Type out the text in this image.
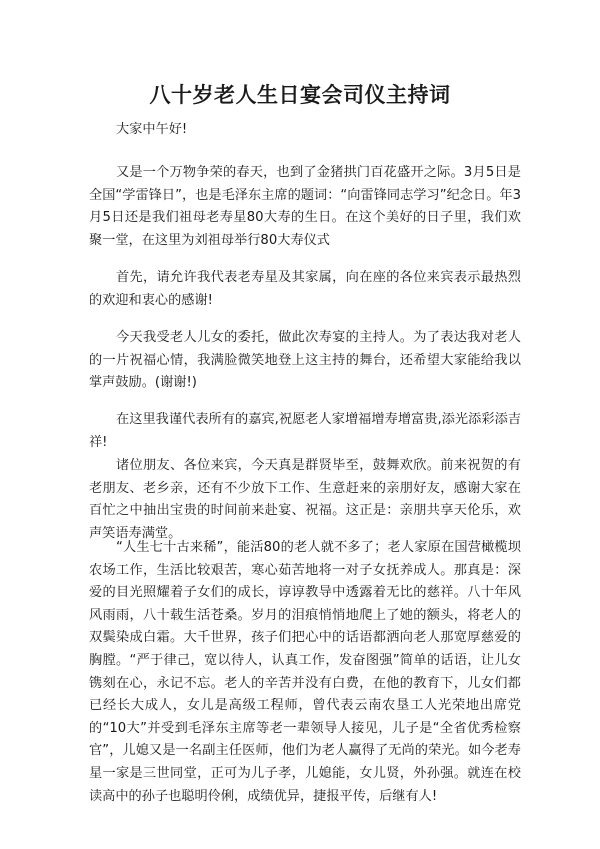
八十岁老人生日宴会司仪主持词

大家中午好!

又是一个万物争荣的春天，也到了金猪拱门百花盛开之际。3月5日是全国“学雷锋日”，也是毛泽东主席的题词：“向雷锋同志学习”纪念日。年3月5日还是我们祖母老寿星80大寿的生日。在这个美好的日子里，我们欢聚一堂，在这里为刘祖母举行80大寿仪式

首先，请允许我代表老寿星及其家属，向在座的各位来宾表示最热烈的欢迎和衷心的感谢!

今天我受老人儿女的委托，做此次寿宴的主持人。为了表达我对老人的一片祝福心情，我满脸微笑地登上这主持的舞台，还希望大家能给我以掌声鼓励。(谢谢!)

在这里我谨代表所有的嘉宾,祝愿老人家增福增寿增富贵,添光添彩添吉祥!

诸位朋友、各位来宾，今天真是群贤毕至，鼓舞欢欣。前来祝贺的有老朋友、老乡亲，还有不少放下工作、生意赶来的亲朋好友，感谢大家在百忙之中抽出宝贵的时间前来赴宴、祝福。这正是：亲朋共享天伦乐，欢声笑语寿满堂。

“人生七十古来稀”，能活80的老人就不多了；老人家原在国营橄榄坝农场工作，生活比较艰苦，寒心茹苦地将一对子女抚养成人。那真是：深爱的目光照耀着子女们的成长，谆谆教导中透露着无比的慈祥。八十年风风雨雨，八十载生活苍桑。岁月的泪痕悄悄地爬上了她的额头，将老人的双鬓染成白霜。大千世界，孩子们把心中的话语都洒向老人那宽厚慈爱的胸膛。“严于律己，宽以待人，认真工作，发奋图强”简单的话语，让儿女镌刻在心，永记不忘。老人的辛苦并没有白费，在他的教育下，儿女们都已经长大成人，女儿是高级工程师，曾代表云南农垦工人光荣地出席党的“10大”并受到毛泽东主席等老一辈领导人接见，儿子是“全省优秀检察官”，儿媳又是一名副主任医师，他们为老人赢得了无尚的荣光。如今老寿星一家是三世同堂，正可为儿子孝，儿媳能，女儿贤，外孙强。就连在校读高中的孙子也聪明伶俐，成绩优异，捷报平传，后继有人!
